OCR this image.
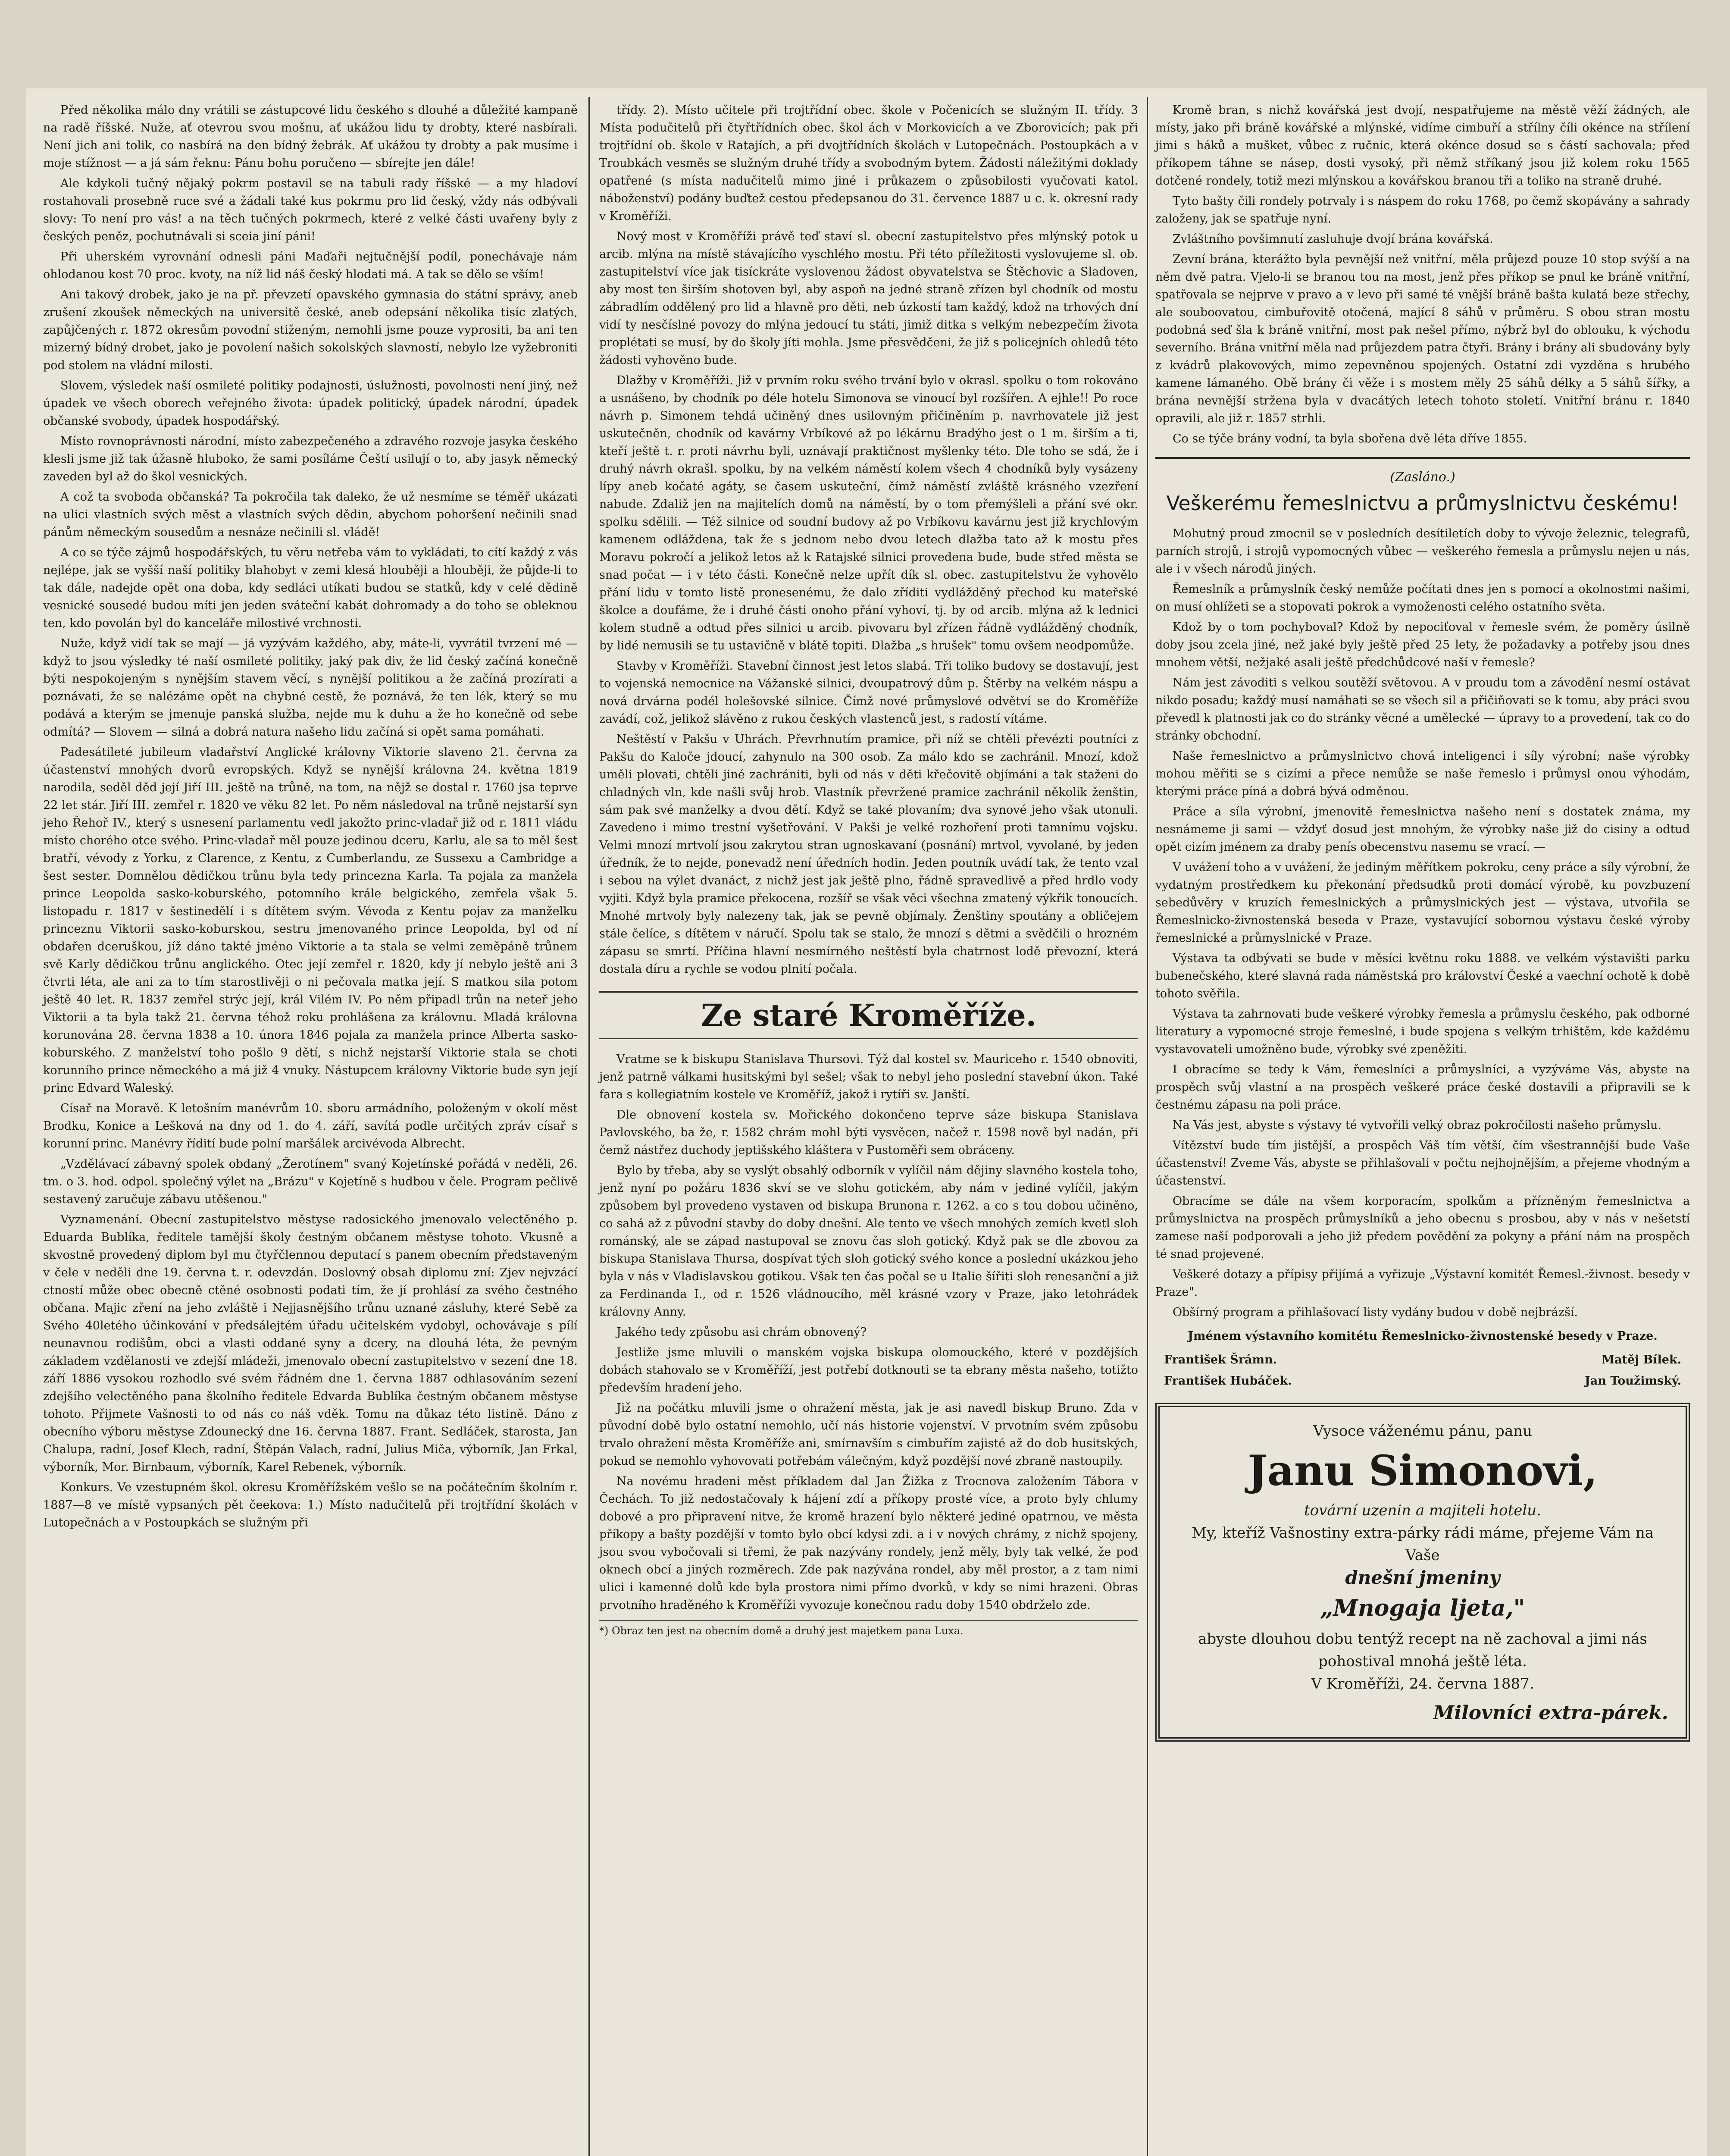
Před několika málo dny vrátili se zástupcové lidu českého s dlouhé a důležité kampaně na radě říšské. Nuže, ať otevrou svou mošnu, ať ukážou lidu ty drobty, které nasbírali. Není jich ani tolik, co nasbírá na den bídný žebrák. Ať ukážou ty drobty a pak musíme i moje stížnost — a já sám řeknu: Pánu bohu poručeno — sbírejte jen dále!

Ale kdykoli tučný nějaký pokrm postavil se na tabuli rady říšské — a my hladoví rostahovali prosebně ruce své a žádali také kus pokrmu pro lid český, vždy nás odbývali slovy: To není pro vás! a na těch tučných pokrmech, které z velké části uvařeny byly z českých peněz, pochutnávali si sceia jiní páni!

Při uherském vyrovnání odnesli páni Maďaři nejtučnější podíl, ponechávaje nám ohlodanou kost 70 proc. kvoty, na níž lid náš český hlodati má. A tak se dělo se vším!

Ani takový drobek, jako je na př. převzetí opavského gymnasia do státní správy, aneb zrušení zkoušek německých na universitě české, aneb odepsání několika tisíc zlatých, zapůjčených r. 1872 okresům povodní stiženým, nemohli jsme pouze vyprositi, ba ani ten mizerný bídný drobet, jako je povolení našich sokolských slavností, nebylo lze vyžebroniti pod stolem na vládní milosti.

Slovem, výsledek naší osmileté politiky podajnosti, úslužnosti, povolnosti není jiný, než úpadek ve všech oborech veřejného života: úpadek politický, úpadek národní, úpadek občanské svobody, úpadek hospodářský.

Místo rovnoprávnosti národní, místo zabezpečeného a zdravého rozvoje jasyka českého klesli jsme již tak úžasně hluboko, že sami posíláme Čeští usilují o to, aby jasyk německý zaveden byl až do škol vesnických.

A což ta svoboda občanská? Ta pokročila tak daleko, že už nesmíme se téměř ukázati na ulici vlastních svých měst a vlastních svých dědin, abychom pohoršení nečinili snad pánům německým sousedům a nesnáze nečinili sl. vládě!

A co se týče zájmů hospodářských, tu věru netřeba vám to vykládati, to cítí každý z vás nejlépe, jak se vyšší naší politiky blahobyt v zemi klesá hlouběji a hlouběji, že půjde-li to tak dále, nadejde opět ona doba, kdy sedláci utíkati budou se statků, kdy v celé dědině vesnické sousedé budou míti jen jeden sváteční kabát dohromady a do toho se obleknou ten, kdo povolán byl do kanceláře milostivé vrchnosti.

Nuže, když vidí tak se mají — já vyzývám každého, aby, máte-li, vyvrátil tvrzení mé — když to jsou výsledky té naší osmileté politiky, jaký pak div, že lid český začíná konečně býti nespokojeným s nynějším stavem věcí, s nynější politikou a že začíná prozírati a poznávati, že se nalézáme opět na chybné cestě, že poznává, že ten lék, který se mu podává a kterým se jmenuje panská služba, nejde mu k duhu a že ho konečně od sebe odmítá? — Slovem — silná a dobrá natura našeho lidu začíná si opět sama pomáhati.

Padesátileté jubileum vladařství Anglické královny Viktorie slaveno 21. června za účastenství mnohých dvorů evropských. Když se nynější královna 24. května 1819 narodila, seděl děd její Jiří III. ještě na trůně, na tom, na nějž se dostal r. 1760 jsa teprve 22 let stár. Jiří III. zemřel r. 1820 ve věku 82 let. Po něm následoval na trůně nejstarší syn jeho Řehoř IV., který s usnesení parlamentu vedl jakožto princ-vladař již od r. 1811 vládu místo chorého otce svého. Princ-vladař měl pouze jedinou dceru, Karlu, ale sa to měl šest bratří, vévody z Yorku, z Clarence, z Kentu, z Cumberlandu, ze Sussexu a Cambridge a šest sester. Domnělou dědičkou trůnu byla tedy princezna Karla. Ta pojala za manžela prince Leopolda sasko-koburského, potomního krále belgického, zemřela však 5. listopadu r. 1817 v šestinedělí i s dítětem svým. Vévoda z Kentu pojav za manželku princeznu Viktorii sasko-koburskou, sestru jmenovaného prince Leopolda, byl od ní obdařen dceruškou, jíž dáno takté jméno Viktorie a ta stala se velmi zeměpáně trůnem svě Karly dědičkou trůnu anglického. Otec její zemřel r. 1820, kdy jí nebylo ještě ani 3 čtvrti léta, ale ani za to tím starostlivěji o ni pečovala matka její. S matkou sila potom ještě 40 let. R. 1837 zemřel strýc její, král Vilém IV. Po něm připadl trůn na neteř jeho Viktorii a ta byla takž 21. června téhož roku prohlášena za královnu. Mladá královna korunována 28. června 1838 a 10. února 1846 pojala za manžela prince Alberta sasko-koburského. Z manželství toho pošlo 9 dětí, s nichž nejstarší Viktorie stala se choti korunního prince německého a má již 4 vnuky. Nástupcem královny Viktorie bude syn její princ Edvard Waleský.

Císař na Moravě. K letošním manévrům 10. sboru armádního, položeným v okolí měst Brodku, Konice a Lešková na dny od 1. do 4. září, savítá podle určitých zpráv císař s korunní princ. Manévry řídití bude polní maršálek arcivévoda Albrecht.

„Vzdělávací zábavný spolek obdaný „Žerotínem" svaný Kojetínské pořádá v neděli, 26. tm. o 3. hod. odpol. společný výlet na „Brázu" v Kojetíně s hudbou v čele. Program pečlivě sestavený zaručuje zábavu utěšenou."

Vyznamenání. Obecní zastupitelstvo městyse radosického jmenovalo velectěného p. Eduarda Bublíka, ředitele tamější školy čestným občanem městyse tohoto. Vkusně a skvostně provedený diplom byl mu čtyřčlennou deputací s panem obecním představeným v čele v neděli dne 19. června t. r. odevzdán. Doslovný obsah diplomu zní: Zjev nejvzácí ctností může obec obecně ctěné osobnosti podati tím, že jí prohlásí za svého čestného občana. Majic zření na jeho zvláště i Nejjasnějšího trůnu uznané zásluhy, které Sebě za Svého 40letého účinkování v předsálejtém úřadu učitelském vydobyl, ochovávaje s pílí neunavnou rodišům, obci a vlasti oddané syny a dcery, na dlouhá léta, že pevným základem vzdělanosti ve zdejší mládeži, jmenovalo obecní zastupitelstvo v sezení dne 18. září 1886 vysokou rozhodlo své svém řádném dne 1. června 1887 odhlasováním sezení zdejšího velectěného pana školního ředitele Edvarda Bublíka čestným občanem městyse tohoto. Přijmete Vašnosti to od nás co náš vděk. Tomu na důkaz této listině. Dáno z obecního výboru městyse Zdounecký dne 16. června 1887. Frant. Sedláček, starosta, Jan Chalupa, radní, Josef Klech, radní, Štěpán Valach, radní, Julius Miča, výborník, Jan Frkal, výborník, Mor. Birnbaum, výborník, Karel Rebenek, výborník.

Konkurs. Ve vzestupném škol. okresu Kroměřížském vešlo se na počátečním školním r. 1887—8 ve místě vypsaných pět čeekova: 1.) Místo nadučitelů při trojtřídní školách v Lutopečnách a v Postoupkách se služným při

třídy. 2). Místo učitele při trojtřídní obec. škole v Počenicích se služným II. třídy. 3 Místa podučitelů při čtyřtřídních obec. škol ách v Morkovicích a ve Zborovicích; pak při trojtřídní ob. škole v Ratajích, a při dvojtřídních školách v Lutopečnách. Postoupkách a v Troubkách vesměs se služným druhé třídy a svobodným bytem. Žádosti náležitými doklady opatřené (s místa nadučitelů mimo jiné i průkazem o způsobilosti vyučovati katol. náboženství) podány buďtež cestou předepsanou do 31. července 1887 u c. k. okresní rady v Kroměříži.

Nový most v Kroměříži právě teď staví sl. obecní zastupitelstvo přes mlýnský potok u arcib. mlýna na místě stávajícího vyschlého mostu. Při této příležitosti vyslovujeme sl. ob. zastupitelství více jak tisíckráte vyslovenou žádost obyvatelstva se Štěchovic a Sladoven, aby most ten širším shotoven byl, aby aspoň na jedné straně zřízen byl chodník od mostu zábradlím oddělený pro lid a hlavně pro děti, neb úzkostí tam každý, kdož na trhových dní vidí ty nesčíslné povozy do mlýna jedoucí tu státi, jimiž ditka s velkým nebezpečím života proplétati se musí, by do školy jíti mohla. Jsme přesvědčeni, že již s policejních ohledů této žádosti vyhověno bude.

Dlažby v Kroměříži. Již v prvním roku svého trvání bylo v okrasl. spolku o tom rokováno a usnášeno, by chodník po déle hotelu Simonova se vinoucí byl rozšířen. A ejhle!! Po roce návrh p. Simonem tehdá učiněný dnes usilovným přičiněním p. navrhovatele již jest uskutečněn, chodník od kavárny Vrbíkové až po lékárnu Bradýho jest o 1 m. širším a ti, kteří ještě t. r. proti návrhu byli, uznávají praktičnost myšlenky této. Dle toho se sdá, že i druhý návrh okrašl. spolku, by na velkém náměstí kolem všech 4 chodníků byly vysázeny lípy aneb kočaté agáty, se časem uskuteční, čímž náměstí zvláště krásného vzezření nabude. Zdaliž jen na majitelích domů na náměstí, by o tom přemýšleli a přání své okr. spolku sdělili. — Též silnice od soudní budovy až po Vrbíkovu kavárnu jest již krychlovým kamenem odláždena, tak že s jednom nebo dvou letech dlažba tato až k mostu přes Moravu pokročí a jelikož letos až k Ratajské silnici provedena bude, bude střed města se snad počat — i v této části. Konečně nelze upřít dík sl. obec. zastupitelstvu že vyhovělo přání lidu v tomto listě pronesenému, že dalo zříditi vydlážděný přechod ku mateřské školce a doufáme, že i druhé části onoho přání vyhoví, tj. by od arcib. mlýna až k lednici kolem studně a odtud přes silnici u arcib. pivovaru byl zřízen řádně vydlážděný chodník, by lidé nemusili se tu ustavičně v blátě topiti. Dlažba „s hrušek" tomu ovšem neodpomůže.

Stavby v Kroměříži. Stavební činnost jest letos slabá. Tři toliko budovy se dostavují, jest to vojenská nemocnice na Vážanské silnici, dvoupatrový dům p. Štěrby na velkém náspu a nová drvárna podél holešovské silnice. Čímž nové průmyslové odvětví se do Kroměříže zavádí, což, jelikož slávěno z rukou českých vlastenců jest, s radostí vítáme.

Neštěstí v Pakšu v Uhrách. Převrhnutím pramice, při níž se chtěli převézti poutníci z Pakšu do Kaloče jdoucí, zahynulo na 300 osob. Za málo kdo se zachránil. Mnozí, kdož uměli plovati, chtěli jiné zachrániti, byli od nás v děti křečovitě objímáni a tak staženi do chladných vln, kde našli svůj hrob. Vlastník převržené pramice zachránil několik ženštin, sám pak své manželky a dvou dětí. Když se také plovaním; dva synové jeho však utonuli. Zavedeno i mimo trestní vyšetřování. V Pakši je velké rozhoření proti tamnímu vojsku. Velmi mnozí mrtvolí jsou zakrytou stran ugnoskavaní (posnání) mrtvol, vyvolané, by jeden úředník, že to nejde, ponevadž není úředních hodin. Jeden poutník uvádí tak, že tento vzal i sebou na výlet dvanáct, z nichž jest jak ještě plno, řádně spravedlivě a před hrdlo vody vyjiti. Když byla pramice překocena, rozšíř se však věci všechna zmatený výkřik tonoucích. Mnohé mrtvoly byly nalezeny tak, jak se pevně objímaly. Ženštiny spoutány a obličejem stále čelíce, s dítětem v náručí. Spolu tak se stalo, že mnozí s dětmi a svědčili o hrozném zápasu se smrtí. Příčina hlavní nesmírného neštěstí byla chatrnost lodě převozní, která dostala díru a rychle se vodou plnití počala.

Ze staré Kroměříže.

Vratme se k biskupu Stanislava Thursovi. Týž dal kostel sv. Mauriceho r. 1540 obnoviti, jenž patrně válkami husitskými byl sešel; však to nebyl jeho poslední stavební úkon. Také fara s kollegiatním kostele ve Kroměříž, jakož i rytíři sv. Janští.

Dle obnovení kostela sv. Mořického dokončeno teprve sáze biskupa Stanislava Pavlovského, ba že, r. 1582 chrám mohl býti vysvěcen, načež r. 1598 nově byl nadán, při čemž nástřez duchody jeptišského kláštera v Pustoměři sem obráceny.

Bylo by třeba, aby se vyslýt obsahlý odborník v vylíčil nám dějiny slavného kostela toho, jenž nyní po požáru 1836 skví se ve slohu gotickém, aby nám v jediné vylíčil, jakým způsobem byl provedeno vystaven od biskupa Brunona r. 1262. a co s tou dobou učiněno, co sahá až z původní stavby do doby dnešní. Ale tento ve všech mnohých zemích kvetl sloh románský, ale se západ nastupoval se znovu čas sloh gotický. Když pak se dle zbovou za biskupa Stanislava Thursa, dospívat tých sloh gotický svého konce a poslední ukázkou jeho byla v nás v Vladislavskou gotikou. Však ten čas počal se u Italie šířiti sloh renesanční a již za Ferdinanda I., od r. 1526 vládnoucího, měl krásné vzory v Praze, jako letohrádek královny Anny.

Jakého tedy způsobu asi chrám obnovený?

Jestliže jsme mluvili o manském vojska biskupa olomouckého, které v pozdějších dobách stahovalo se v Kroměříží, jest potřebí dotknouti se ta ebrany města našeho, totižto především hradení jeho.

Již na počátku mluvili jsme o ohražení města, jak je asi navedl biskup Bruno. Zda v původní době bylo ostatní nemohlo, učí nás historie vojenství. V prvotním svém způsobu trvalo ohražení města Kroměříže ani, smírnavším s cimbuřím zajisté až do dob husitských, pokud se nemohlo vyhovovati potřebám válečným, když pozdější nové zbraně nastoupily.

Na novému hradeni měst příkladem dal Jan Žižka z Trocnova založením Tábora v Čechách. To již nedostačovaly k hájení zdí a příkopy prosté více, a proto byly chlumy dobové a pro připravení nitve, že kromě hrazení bylo některé jediné opatrnou, ve města příkopy a bašty pozdější v tomto bylo obcí kdysi zdi. a i v nových chrámy, z nichž spojeny, jsou svou vybočovali si třemi, že pak nazývány rondely, jenž měly, byly tak velké, že pod oknech obcí a jiných rozměrech. Zde pak nazývána rondel, aby měl prostor, a z tam nimi ulici i kamenné dolů kde byla prostora nimi přímo dvorků, v kdy se nimi hrazeni. Obras prvotního hraděného k Kroměříži vyvozuje konečnou radu doby 1540 obdrželo zde.

*) Obraz ten jest na obecním domě a druhý jest majetkem pana Luxa.

Kromě bran, s nichž kovářská jest dvojí, nespatřujeme na městě věží žádných, ale místy, jako při bráně kovářské a mlýnské, vidíme cimbuří a střílny číli okénce na střílení jimi s háků a mušket, vůbec z ručnic, která okénce dosud se s částí sachovala; před příkopem táhne se násep, dosti vysoký, při němž stříkaný jsou již kolem roku 1565 dotčené rondely, totiž mezi mlýnskou a kovářskou branou tři a toliko na straně druhé.

Tyto bašty čili rondely potrvaly i s náspem do roku 1768, po čemž skopávány a sahrady založeny, jak se spatřuje nyní.

Zvláštního povšimnutí zasluhuje dvojí brána kovářská.

Zevní brána, kterážto byla pevnější než vnitřní, měla průjezd pouze 10 stop svýší a na něm dvě patra. Vjelo-li se branou tou na most, jenž přes příkop se pnul ke bráně vnitřní, spatřovala se nejprve v pravo a v levo při samé té vnější bráně bašta kulatá beze střechy, ale souboovatou, cimbuřovitě otočená, mající 8 sáhů v průměru. S obou stran mostu podobná seď šla k bráně vnitřní, most pak nešel přímo, nýbrž byl do oblouku, k východu severního. Brána vnitřní měla nad průjezdem patra čtyři. Brány i brány ali sbudovány byly z kvádrů plakovových, mimo zepevněnou spojených. Ostatní zdi vyzděna s hrubého kamene lámaného. Obě brány či věže i s mostem měly 25 sáhů délky a 5 sáhů šířky, a brána nevnější stržena byla v dvacátých letech tohoto století. Vnitřní bránu r. 1840 opravili, ale již r. 1857 strhli.

Co se týče brány vodní, ta byla sbořena dvě léta dříve 1855.

(Zasláno.)
Veškerému řemeslnictvu a průmyslnictvu českému!

Mohutný proud zmocnil se v posledních desítiletích doby to vývoje železnic, telegrafů, parních strojů, i strojů vypomocných vůbec — veškerého řemesla a průmyslu nejen u nás, ale i v všech národů jiných.

Řemeslník a průmyslník český nemůže počítati dnes jen s pomocí a okolnostmi našimi, on musí ohlížeti se a stopovati pokrok a vymoženosti celého ostatního světa.

Kdož by o tom pochyboval? Kdož by nepociťoval v řemesle svém, že poměry úsilně doby jsou zcela jiné, než jaké byly ještě před 25 lety, že požadavky a potřeby jsou dnes mnohem větší, nežjaké asali ještě předchůdcové naší v řemesle?

Nám jest závoditi s velkou soutěží světovou. A v proudu tom a závodění nesmí ostávat nikdo posadu; každý musí namáhati se se všech sil a přičiňovati se k tomu, aby práci svou převedl k platnosti jak co do stránky věcné a umělecké — úpravy to a provedení, tak co do stránky obchodní.

Naše řemeslnictvo a průmyslnictvo chová inteligenci i síly výrobní; naše výrobky mohou měřiti se s cizími a přece nemůže se naše řemeslo i průmysl onou výhodám, kterými práce píná a dobrá bývá odměnou.

Práce a síla výrobní, jmenovitě řemeslnictva našeho není s dostatek známa, my nesnámeme ji sami — vždyť dosud jest mnohým, že výrobky naše již do cisiny a odtud opět cizím jménem za draby penís obecenstvu nasemu se vrací. —

V uvážení toho a v uvážení, že jediným měřítkem pokroku, ceny práce a síly výrobní, že vydatným prostředkem ku překonání předsudků proti domácí výrobě, ku povzbuzení sebedůvěry v kruzích řemeslnických a průmyslnických jest — výstava, utvořila se Řemeslnicko-živnostenská beseda v Praze, vystavující sobornou výstavu české výroby řemeslnické a průmyslnické v Praze.

Výstava ta odbývati se bude v měsíci květnu roku 1888. ve velkém výstavišti parku bubenečského, které slavná rada náměstská pro království České a vaechní ochotě k době tohoto svěřila.

Výstava ta zahrnovati bude veškeré výrobky řemesla a průmyslu českého, pak odborné literatury a vypomocné stroje řemeslné, i bude spojena s velkým trhištěm, kde každému vystavovateli umožněno bude, výrobky své zpeněžiti.

I obracíme se tedy k Vám, řemeslníci a průmyslníci, a vyzýváme Vás, abyste na prospěch svůj vlastní a na prospěch veškeré práce české dostavili a připravili se k čestnému zápasu na poli práce.

Na Vás jest, abyste s výstavy té vytvořili velký obraz pokročilosti našeho průmyslu.

Vítězství bude tím jistější, a prospěch Váš tím větší, čím všestrannější bude Vaše účastenství! Zveme Vás, abyste se přihlašovali v počtu nejhojnějším, a přejeme vhodným a účastenství.

Obracíme se dále na všem korporacím, spolkům a přízněným řemeslnictva a průmyslnictva na prospěch průmyslníků a jeho obecnu s prosbou, aby v nás v nešetstí zamese naší podporovali a jeho již předem povědění za pokyny a přání nám na prospěch té snad projevené.

Veškeré dotazy a přípisy přijímá a vyřizuje „Výstavní komitét Řemesl.-živnost. besedy v Praze".

Obšírný program a přihlašovací listy vydány budou v době nejbrázší.

Jménem výstavního komitétu Řemeslnicko-živnostenské besedy v Praze.
František Šrámn.	Matěj Bílek.
František Hubáček.	Jan Toužimský.
Vysoce váženému pánu, panu
Janu Simonovi,
tovární uzenin a majiteli hotelu.
My, kteříž Vašnostiny extra-párky rádi máme, přejeme Vám na Vaše
dnešní jmeniny
„Mnogaja ljeta,"
abyste dlouhou dobu tentýž recept na ně zachoval a jimi nás pohostival mnohá ještě léta.
V Kroměříži, 24. června 1887.
Milovníci extra-párek.
